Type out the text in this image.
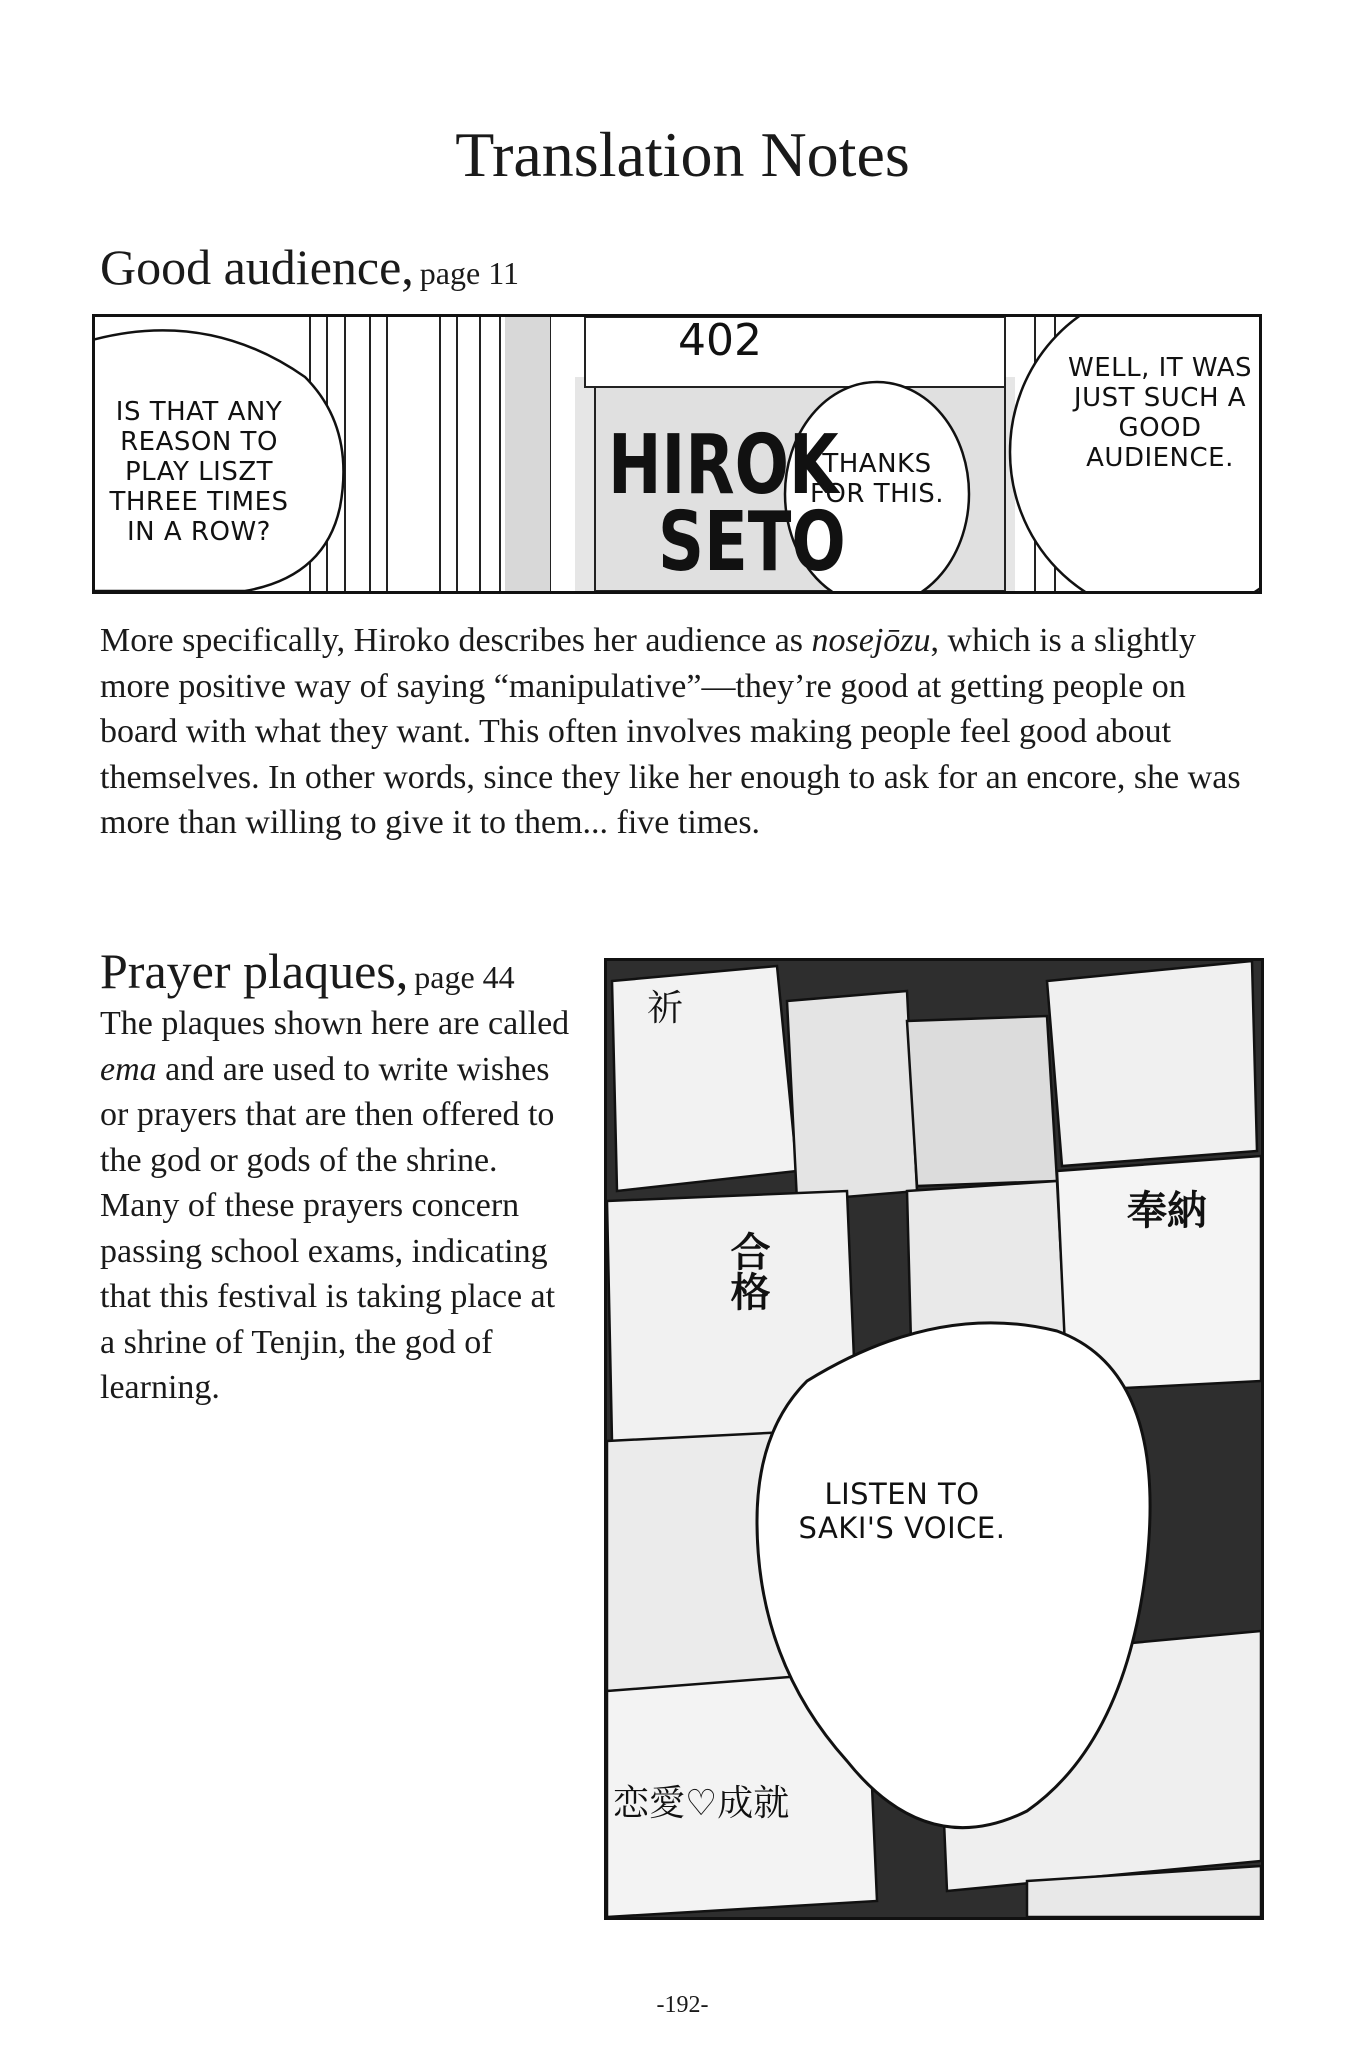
Translation Notes
Good audience, page 11
402
HIROK
SETO
IS THAT ANY REASON TO PLAY LISZT THREE TIMES IN A ROW?
THANKS FOR THIS.
WELL, IT WAS JUST SUCH A GOOD AUDIENCE.

More specifically, Hiroko describes her audience as nosejōzu, which is a slightly more positive way of saying “manipulative”—they’re good at getting people on board with what they want. This often involves making people feel good about themselves. In other words, since they like her enough to ask for an encore, she was more than willing to give it to them... five times.

Prayer plaques, page 44

The plaques shown here are called ema and are used to write wishes or prayers that are then offered to the god or gods of the shrine. Many of these prayers concern passing school exams, indicating that this festival is taking place at a shrine of Tenjin, the god of learning.

LISTEN TO SAKI'S VOICE.
合格
奉納
恋愛♡成就
祈
-192-
